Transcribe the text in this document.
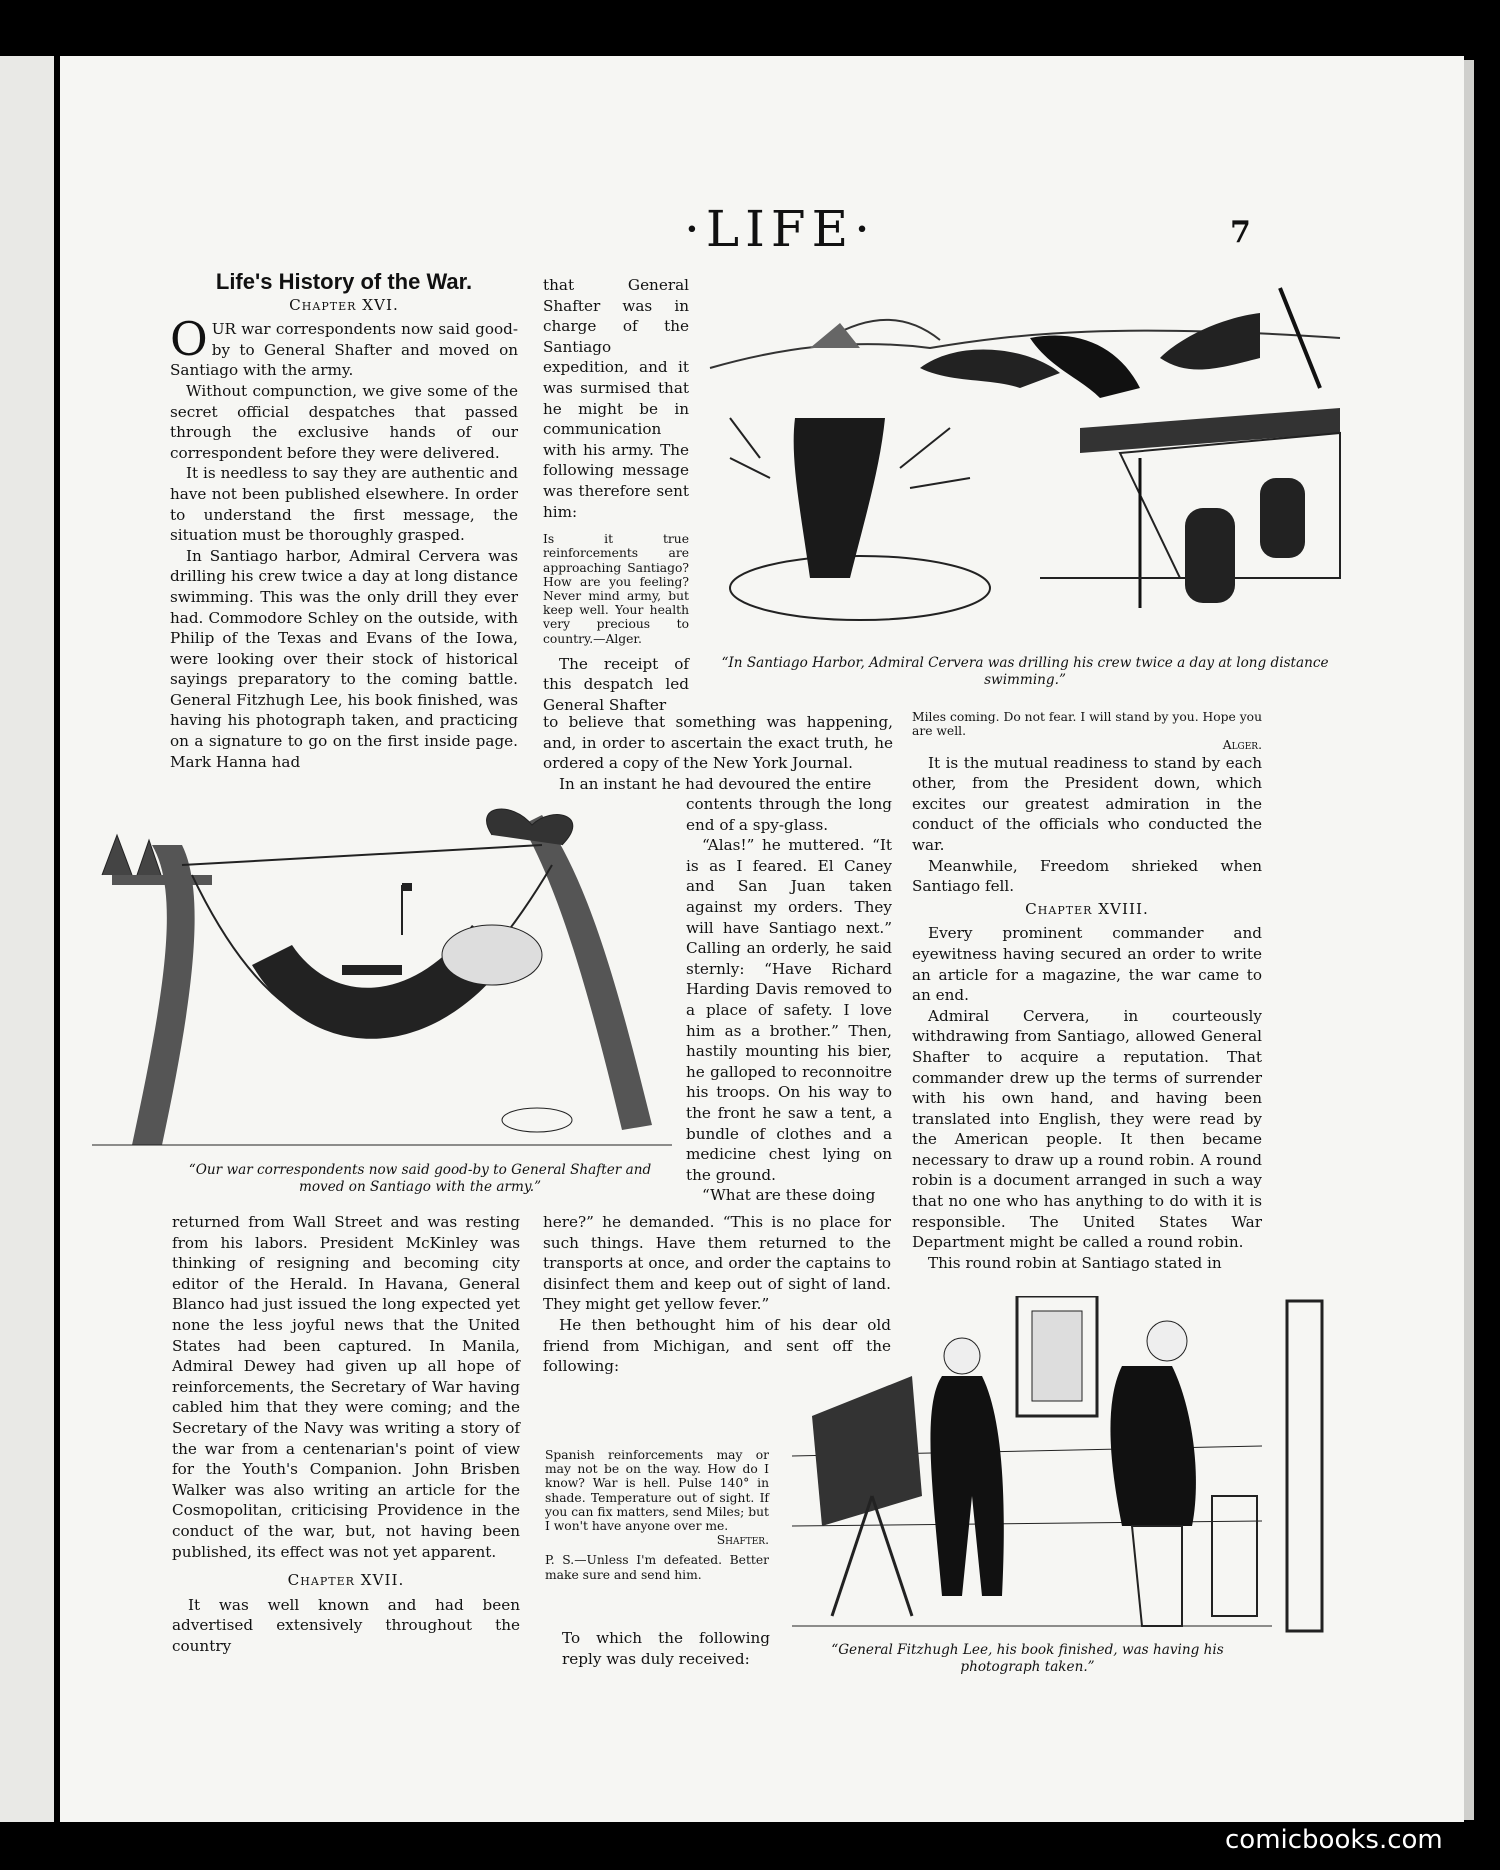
·LIFE·	7
Life's History of the War.
Chapter XVI.

OUR war correspondents now said good-by to General Shafter and moved on Santiago with the army.

Without compunction, we give some of the secret official despatches that passed through the exclusive hands of our correspondent before they were delivered.

It is needless to say they are authentic and have not been published elsewhere. In order to understand the first message, the situation must be thoroughly grasped.

In Santiago harbor, Admiral Cervera was drilling his crew twice a day at long distance swimming. This was the only drill they ever had. Commodore Schley on the outside, with Philip of the Texas and Evans of the Iowa, were looking over their stock of historical sayings preparatory to the coming battle. General Fitzhugh Lee, his book finished, was having his photograph taken, and practicing on a signature to go on the first inside page. Mark Hanna had

that General Shafter was in charge of the Santiago expedition, and it was surmised that he might be in communication with his army. The following message was therefore sent him:

Is it true reinforcements are approaching Santiago? How are you feeling? Never mind army, but keep well. Your health very precious to country.—Alger.

The receipt of this despatch led General Shafter

“In Santiago Harbor, Admiral Cervera was drilling his crew twice a day at long distance swimming.”

to believe that something was happening, and, in order to ascertain the exact truth, he ordered a copy of the New York Journal.

In an instant he had devoured the entire

contents through the long end of a spy-glass.

“Alas!” he muttered. “It is as I feared. El Caney and San Juan taken against my orders. They will have Santiago next.” Calling an orderly, he said sternly: “Have Richard Harding Davis removed to a place of safety. I love him as a brother.” Then, hastily mounting his bier, he galloped to reconnoitre his troops. On his way to the front he saw a tent, a bundle of clothes and a medicine chest lying on the ground.

“What are these doing

“Our war correspondents now said good-by to General Shafter and moved on Santiago with the army.”

Miles coming. Do not fear. I will stand by you. Hope you are well.

Alger.

It is the mutual readiness to stand by each other, from the President down, which excites our greatest admiration in the conduct of the officials who conducted the war.

Meanwhile, Freedom shrieked when Santiago fell.

Chapter XVIII.

Every prominent commander and eyewitness having secured an order to write an article for a magazine, the war came to an end.

Admiral Cervera, in courteously withdrawing from Santiago, allowed General Shafter to acquire a reputation. That commander drew up the terms of surrender with his own hand, and having been translated into English, they were read by the American people. It then became necessary to draw up a round robin. A round robin is a document arranged in such a way that no one who has anything to do with it is responsible. The United States War Department might be called a round robin.

This round robin at Santiago stated in

returned from Wall Street and was resting from his labors. President McKinley was thinking of resigning and becoming city editor of the Herald. In Havana, General Blanco had just issued the long expected yet none the less joyful news that the United States had been captured. In Manila, Admiral Dewey had given up all hope of reinforcements, the Secretary of War having cabled him that they were coming; and the Secretary of the Navy was writing a story of the war from a centenarian's point of view for the Youth's Companion. John Brisben Walker was also writing an article for the Cosmopolitan, criticising Providence in the conduct of the war, but, not having been published, its effect was not yet apparent.

Chapter XVII.

It was well known and had been advertised extensively throughout the country

here?” he demanded. “This is no place for such things. Have them returned to the transports at once, and order the captains to disinfect them and keep out of sight of land. They might get yellow fever.”

He then bethought him of his dear old friend from Michigan, and sent off the following:

Spanish reinforcements may or may not be on the way. How do I know? War is hell. Pulse 140° in shade. Temperature out of sight. If you can fix matters, send Miles; but I won't have anyone over me.

Shafter.

P. S.—Unless I'm defeated. Better make sure and send him.

To which the following reply was duly received:	“General Fitzhugh Lee, his book finished, was having his photograph taken.”
comicbooks.com
